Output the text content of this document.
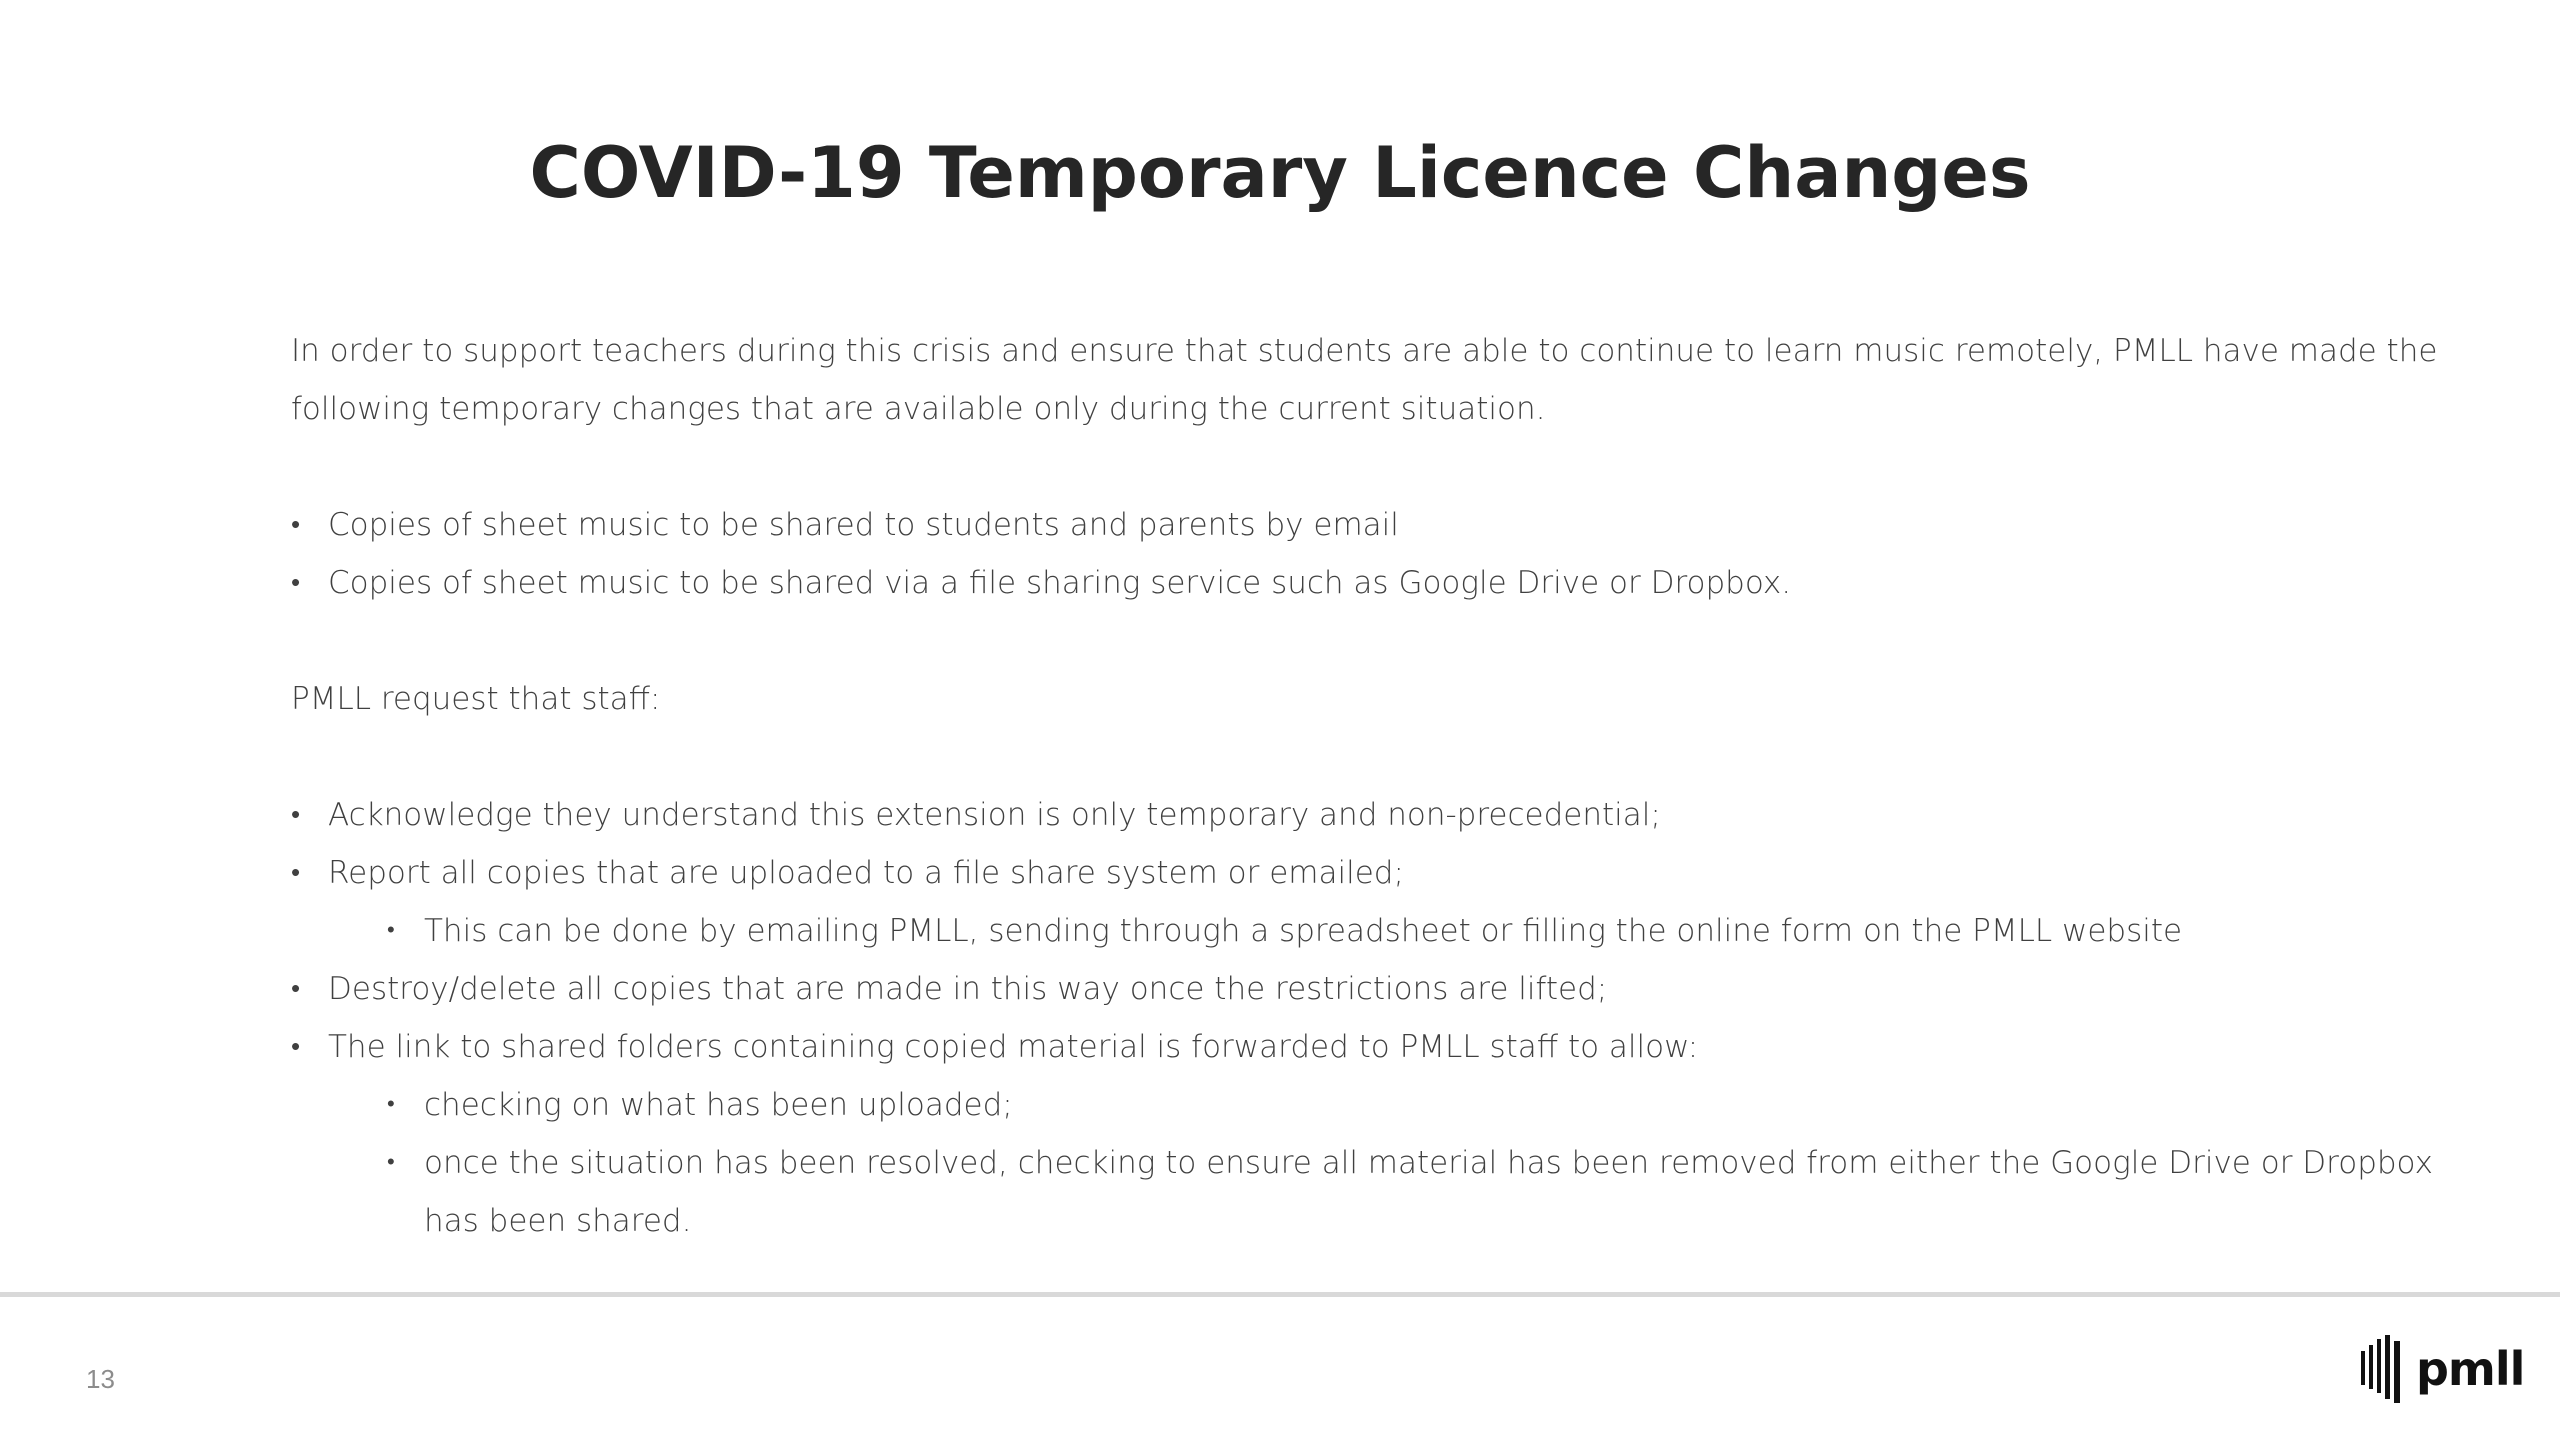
COVID-19 Temporary Licence Changes

In order to support teachers during this crisis and ensure that students are able to continue to learn music remotely, PMLL have made the following temporary changes that are available only during the current situation.

• Copies of sheet music to be shared to students and parents by email
• Copies of sheet music to be shared via a file sharing service such as Google Drive or Dropbox.

PMLL request that staff:

• Acknowledge they understand this extension is only temporary and non-precedential;
• Report all copies that are uploaded to a file share system or emailed;
• This can be done by emailing PMLL, sending through a spreadsheet or filling the online form on the PMLL website
• Destroy/delete all copies that are made in this way once the restrictions are lifted;
• The link to shared folders containing copied material is forwarded to PMLL staff to allow:
• checking on what has been uploaded;
• once the situation has been resolved, checking to ensure all material has been removed from either the Google Drive or Dropbox has been shared.
13	pmll
